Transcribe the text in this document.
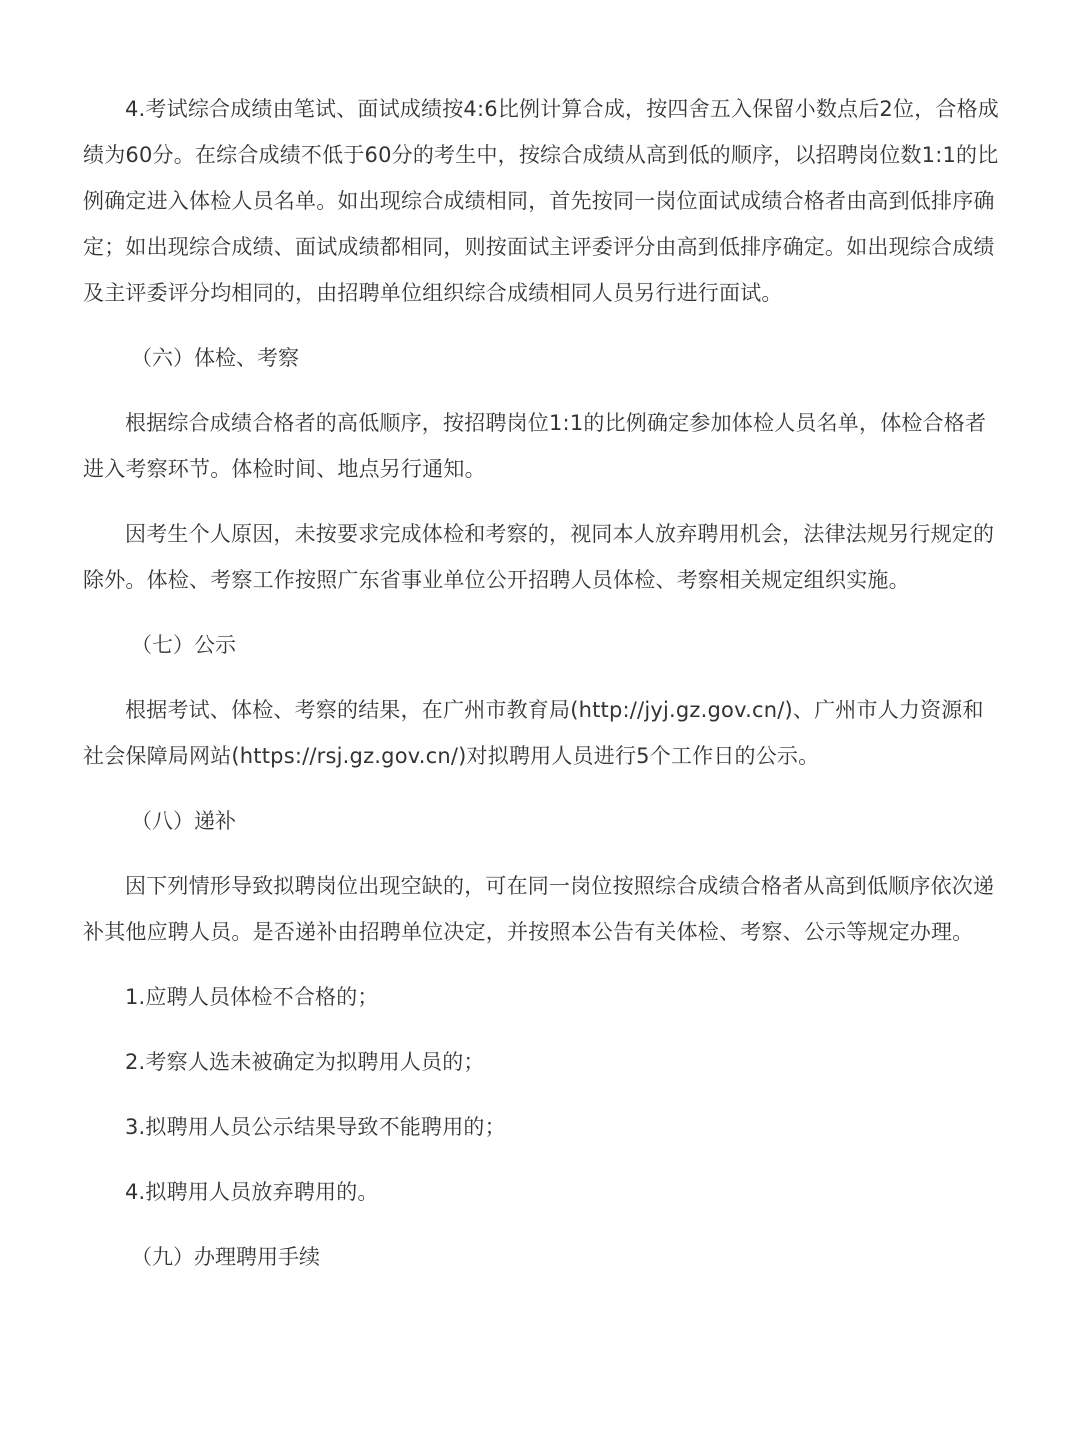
4.考试综合成绩由笔试、面试成绩按4:6比例计算合成，按四舍五入保留小数点后2位，合格成绩为60分。在综合成绩不低于60分的考生中，按综合成绩从高到低的顺序，以招聘岗位数1:1的比例确定进入体检人员名单。如出现综合成绩相同，首先按同一岗位面试成绩合格者由高到低排序确定；如出现综合成绩、面试成绩都相同，则按面试主评委评分由高到低排序确定。如出现综合成绩及主评委评分均相同的，由招聘单位组织综合成绩相同人员另行进行面试。

（六）体检、考察

根据综合成绩合格者的高低顺序，按招聘岗位1:1的比例确定参加体检人员名单，体检合格者进入考察环节。体检时间、地点另行通知。

因考生个人原因，未按要求完成体检和考察的，视同本人放弃聘用机会，法律法规另行规定的除外。体检、考察工作按照广东省事业单位公开招聘人员体检、考察相关规定组织实施。

（七）公示

根据考试、体检、考察的结果，在广州市教育局(http://jyj.gz.gov.cn/)、广州市人力资源和社会保障局网站(https://rsj.gz.gov.cn/)对拟聘用人员进行5个工作日的公示。

（八）递补

因下列情形导致拟聘岗位出现空缺的，可在同一岗位按照综合成绩合格者从高到低顺序依次递补其他应聘人员。是否递补由招聘单位决定，并按照本公告有关体检、考察、公示等规定办理。

1.应聘人员体检不合格的；

2.考察人选未被确定为拟聘用人员的；

3.拟聘用人员公示结果导致不能聘用的；

4.拟聘用人员放弃聘用的。

（九）办理聘用手续
